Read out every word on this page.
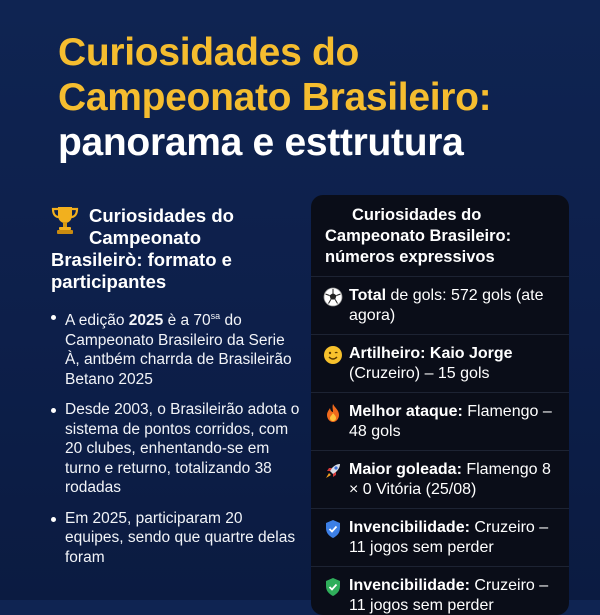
Curiosidades do
Campeonato Brasileiro:
panorama e esttrutura
Curiosidades do
Campeonato
Brasileirò: formato e
participantes
A edição 2025 è a $70^{sa}$ do Campeonato Brasileiro da Serie À, antbém charrda de Brasileirão Betano 2025
Desde 2003, o Brasileirão adota o sistema de pontos corridos, com 20 clubes, enhentando-se em turno e returno, totalizando 38 rodadas
Em 2025, participaram 20 equipes, sendo que quartre delas foram
Curiosidades do
Campeonato Brasileiro:
números expressivos
Total de gols: 572 gols (ate agora)
Artilheiro: Kaio Jorge (Cruzeiro) – 15 gols
Melhor ataque: Flamengo – 48 gols
Maior goleada: Flamengo 8 × 0 Vitória (25/08)
Invencibilidade: Cruzeiro – 11 jogos sem perder
Invencibilidade: Cruzeiro – 11 jogos sem perder
